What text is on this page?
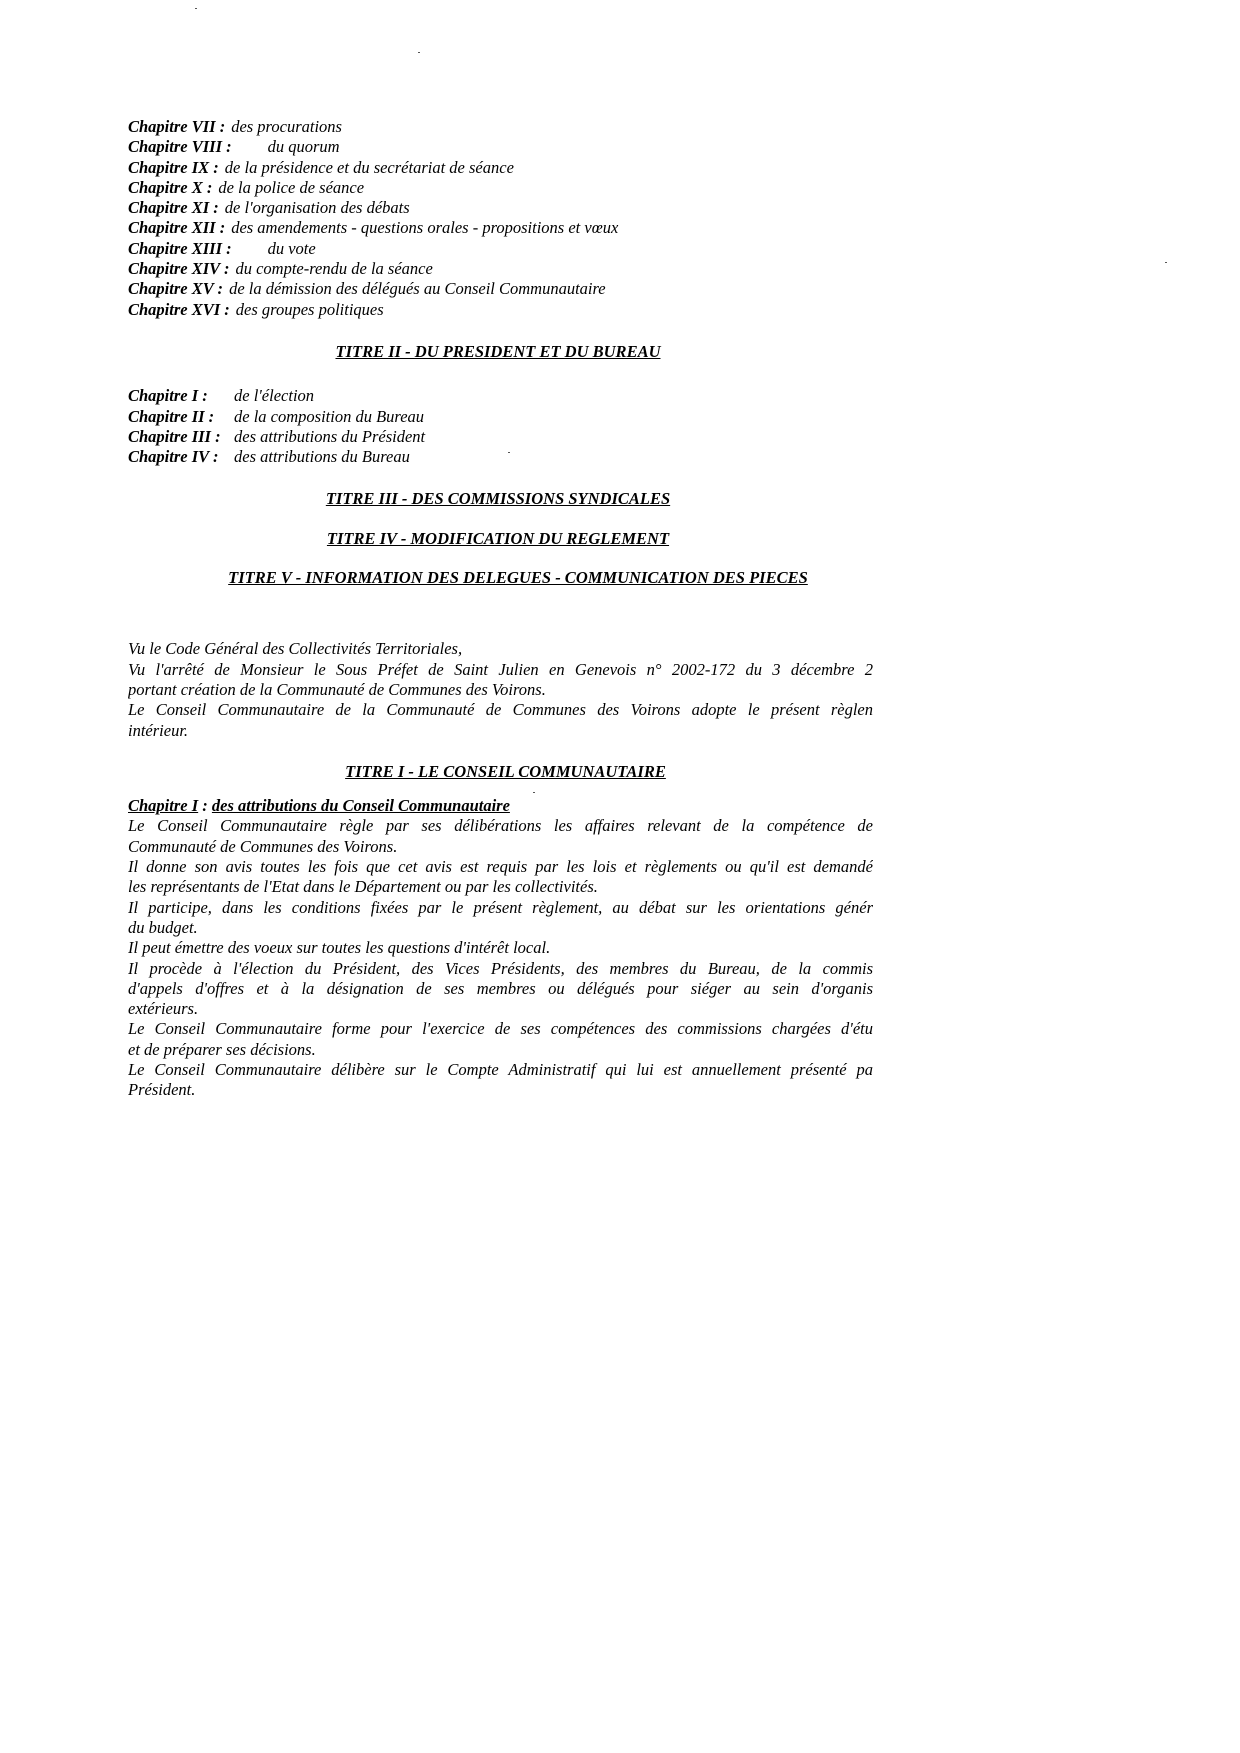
Chapitre VII : des procurations
Chapitre VIII :	du quorum
Chapitre IX : de la présidence et du secrétariat de séance
Chapitre X : de la police de séance
Chapitre XI : de l'organisation des débats
Chapitre XII : des amendements - questions orales - propositions et vœux
Chapitre XIII :	du vote
Chapitre XIV : du compte-rendu de la séance
Chapitre XV : de la démission des délégués au Conseil Communautaire
Chapitre XVI : des groupes politiques
TITRE II - DU PRESIDENT ET DU BUREAU
Chapitre I :	de l'élection
Chapitre II :	de la composition du Bureau
Chapitre III : des attributions du Président
Chapitre IV : des attributions du Bureau
TITRE III - DES COMMISSIONS SYNDICALES
TITRE IV - MODIFICATION DU REGLEMENT
TITRE V - INFORMATION DES DELEGUES - COMMUNICATION DES PIECES
Vu le Code Général des Collectivités Territoriales,
Vu l'arrêté de Monsieur le Sous Préfet de Saint Julien en Genevois n° 2002-172 du 3 décembre 2
portant création de la Communauté de Communes des Voirons.
Le Conseil Communautaire de la Communauté de Communes des Voirons adopte le présent règlen
intérieur.
TITRE I - LE CONSEIL COMMUNAUTAIRE
Chapitre I : des attributions du Conseil Communautaire
Le Conseil Communautaire règle par ses délibérations les affaires relevant de la compétence de
Communauté de Communes des Voirons.
Il donne son avis toutes les fois que cet avis est requis par les lois et règlements ou qu'il est demandé
les représentants de l'Etat dans le Département ou par les collectivités.
Il participe, dans les conditions fixées par le présent règlement, au débat sur les orientations génér
du budget.
Il peut émettre des voeux sur toutes les questions d'intérêt local.
Il procède à l'élection du Président, des Vices Présidents, des membres du Bureau, de la commis
d'appels d'offres et à la désignation de ses membres ou délégués pour siéger au sein d'organis
extérieurs.
Le Conseil Communautaire forme pour l'exercice de ses compétences des commissions chargées d'étu
et de préparer ses décisions.
Le Conseil Communautaire délibère sur le Compte Administratif qui lui est annuellement présenté pa
Président.
